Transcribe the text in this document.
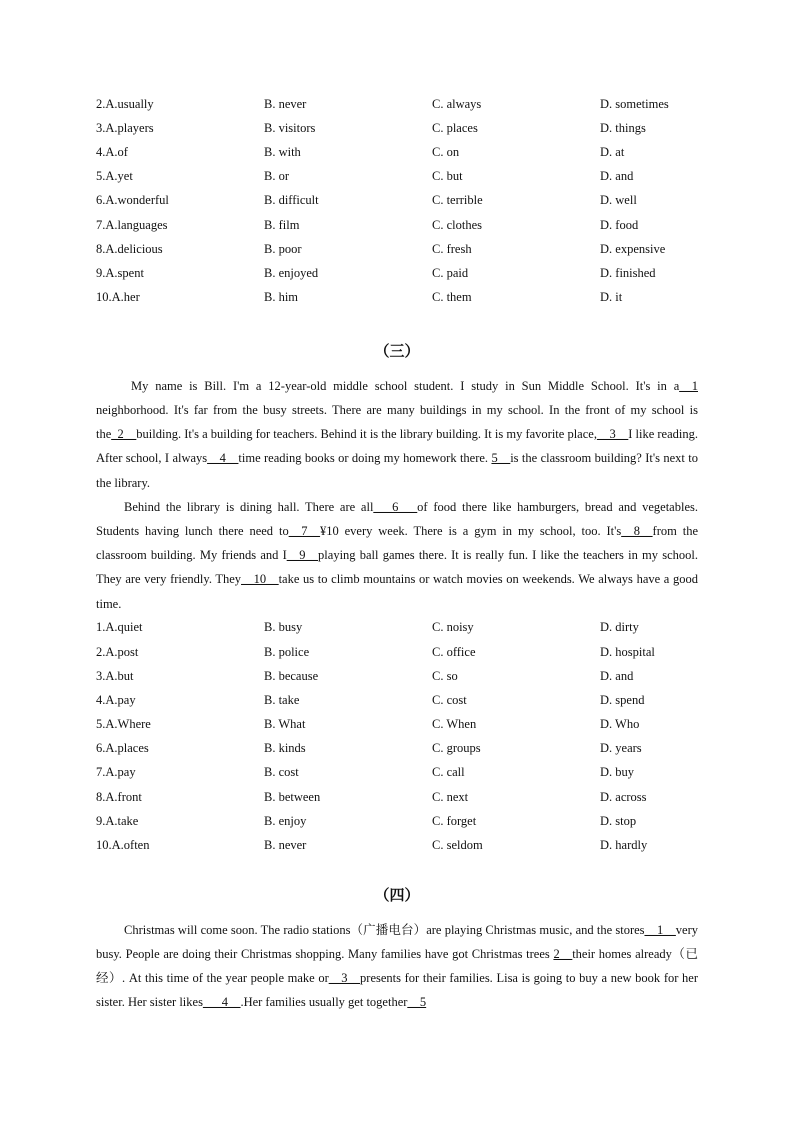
2.A.usually	B. never	C. always	D. sometimes
3.A.players	B. visitors	C. places	D. things
4.A.of	B. with	C. on	D. at
5.A.yet	B. or	C. but	D. and
6.A.wonderful	B. difficult	C. terrible	D. well
7.A.languages	B. film	C. clothes	D. food
8.A.delicious	B. poor	C. fresh	D. expensive
9.A.spent	B. enjoyed	C. paid	D. finished
10.A.her	B. him	C. them	D. it
（三）
My name is Bill. I'm a 12-year-old middle school student. I study in Sun Middle School. It's in a__1 neighborhood. It's far from the busy streets. There are many buildings in my school. In the front of my school is the_2__building. It's a building for teachers. Behind it is the library building. It is my favorite place,__3__I like reading. After school, I always__4__time reading books or doing my homework there. 5__is the classroom building? It's next to the library.
Behind the library is dining hall. There are all___6___of food there like hamburgers, bread and vegetables. Students having lunch there need to__7__¥10 every week. There is a gym in my school, too. It's__8__from the classroom building. My friends and I__9__playing ball games there. It is really fun. I like the teachers in my school. They are very friendly. They__10__take us to climb mountains or watch movies on weekends. We always have a good time.
1.A.quiet	B. busy	C. noisy	D. dirty
2.A.post	B. police	C. office	D. hospital
3.A.but	B. because	C. so	D. and
4.A.pay	B. take	C. cost	D. spend
5.A.Where	B. What	C. When	D. Who
6.A.places	B. kinds	C. groups	D. years
7.A.pay	B. cost	C. call	D. buy
8.A.front	B. between	C. next	D. across
9.A.take	B. enjoy	C. forget	D. stop
10.A.often	B. never	C. seldom	D. hardly
（四）
Christmas will come soon. The radio stations（广播电台）are playing Christmas music, and the stores__1__very busy. People are doing their Christmas shopping. Many families have got Christmas trees 2__their homes already（已经）. At this time of the year people make or__3__presents for their families. Lisa is going to buy a new book for her sister. Her sister likes___4__.Her families usually get together__5
